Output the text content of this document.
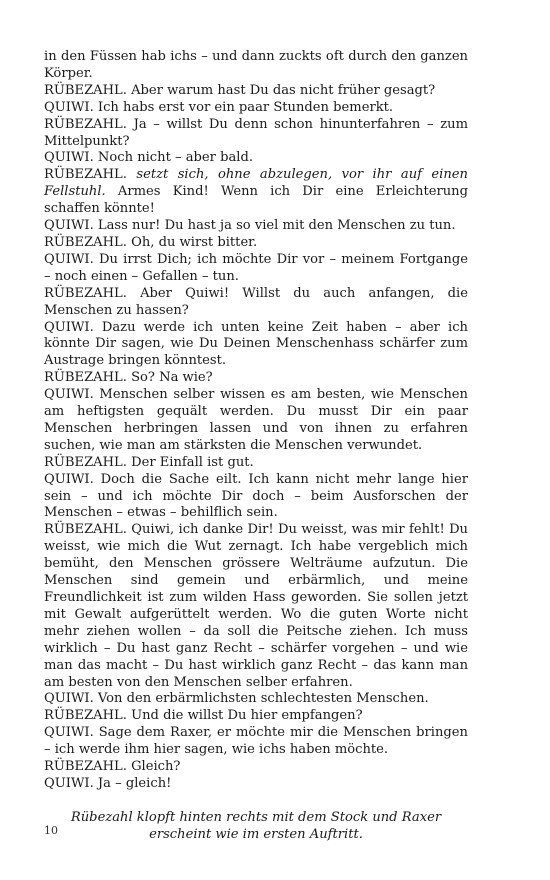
in den Füssen hab ichs – und dann zuckts oft durch den ganzen Körper.

RÜBEZAHL. Aber warum hast Du das nicht früher gesagt?

QUIWI. Ich habs erst vor ein paar Stunden bemerkt.

RÜBEZAHL. Ja – willst Du denn schon hinunterfahren – zum Mittelpunkt?

QUIWI. Noch nicht – aber bald.

RÜBEZAHL. setzt sich, ohne abzulegen, vor ihr auf einen Fellstuhl. Armes Kind! Wenn ich Dir eine Erleichterung schaffen könnte!

QUIWI. Lass nur! Du hast ja so viel mit den Menschen zu tun.

RÜBEZAHL. Oh, du wirst bitter.

QUIWI. Du irrst Dich; ich möchte Dir vor – meinem Fortgange – noch einen – Gefallen – tun.

RÜBEZAHL. Aber Quiwi! Willst du auch anfangen, die Menschen zu hassen?

QUIWI. Dazu werde ich unten keine Zeit haben – aber ich könnte Dir sagen, wie Du Deinen Menschenhass schärfer zum Austrage bringen könntest.

RÜBEZAHL. So? Na wie?

QUIWI. Menschen selber wissen es am besten, wie Menschen am heftigsten gequält werden. Du musst Dir ein paar Menschen herbringen lassen und von ihnen zu erfahren suchen, wie man am stärksten die Menschen verwundet.

RÜBEZAHL. Der Einfall ist gut.

QUIWI. Doch die Sache eilt. Ich kann nicht mehr lange hier sein – und ich möchte Dir doch – beim Ausforschen der Menschen – etwas – behilflich sein.

RÜBEZAHL. Quiwi, ich danke Dir! Du weisst, was mir fehlt! Du weisst, wie mich die Wut zernagt. Ich habe vergeblich mich bemüht, den Menschen grössere Welträume aufzutun. Die Menschen sind gemein und erbärmlich, und meine Freundlichkeit ist zum wilden Hass geworden. Sie sollen jetzt mit Gewalt aufgerüttelt werden. Wo die guten Worte nicht mehr ziehen wollen – da soll die Peitsche ziehen. Ich muss wirklich – Du hast ganz Recht – schärfer vorgehen – und wie man das macht – Du hast wirklich ganz Recht – das kann man am besten von den Menschen selber erfahren.

QUIWI. Von den erbärmlichsten schlechtesten Menschen.

RÜBEZAHL. Und die willst Du hier empfangen?

QUIWI. Sage dem Raxer, er möchte mir die Menschen bringen – ich werde ihm hier sagen, wie ichs haben möchte.

RÜBEZAHL. Gleich?

QUIWI. Ja – gleich!

Rübezahl klopft hinten rechts mit dem Stock und Raxer erscheint wie im ersten Auftritt.
10
